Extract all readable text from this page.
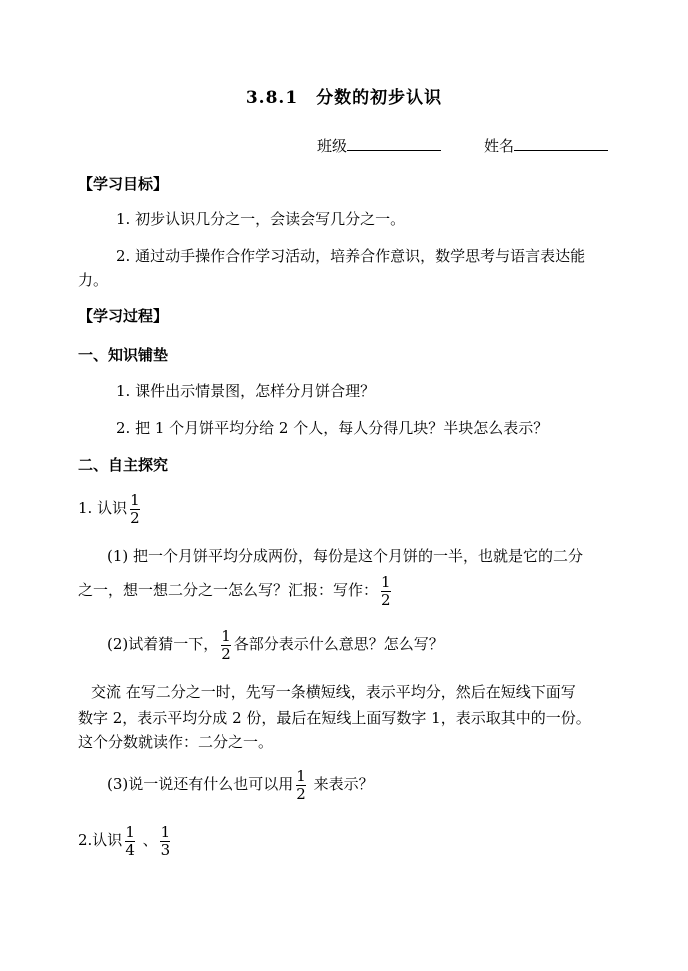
3.8.1　分数的初步认识
班级	姓名
【学习目标】
1. 初步认识几分之一，会读会写几分之一。
2. 通过动手操作合作学习活动，培养合作意识，数学思考与语言表达能
力。
【学习过程】
一、知识铺垫
1. 课件出示情景图，怎样分月饼合理？
2. 把 1 个月饼平均分给 2 个人，每人分得几块？半块怎么表示？
二、自主探究
1. 认识 $\frac{1}{2}$
(1) 把一个月饼平均分成两份，每份是这个月饼的一半，也就是它的二分
之一，想一想二分之一怎么写？汇报：写作： $\frac{1}{2}$
(2)试着猜一下， $\frac{1}{2}$ 各部分表示什么意思？怎么写？
交流 在写二分之一时，先写一条横短线，表示平均分，然后在短线下面写
数字 2，表示平均分成 2 份，最后在短线上面写数字 1，表示取其中的一份。
这个分数就读作：二分之一。
(3)说一说还有什么也可以用 $\frac{1}{2}$ 来表示？
2.认识 $\frac{1}{4}$ 、 $\frac{1}{3}$
